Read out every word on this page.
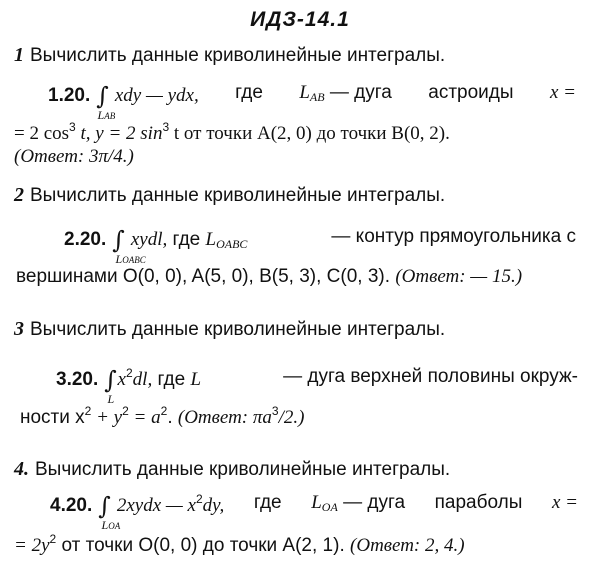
ИДЗ-14.1
1 Вычислить данные криволинейные интегралы.
1.20. ∫
LAB
xdy — ydx, где LAB — дуга астроиды x =
= 2 $\cos^3 t$, y = 2 $\sin^3 t$ от точки A(2, 0) до точки B(0, 2).
(Ответ: 3π/4.)
2 Вычислить данные криволинейные интегралы.
2.20. ∫
LOABC
xydl, где LOABC	— контур прямоугольника с
вершинами O(0, 0), A(5, 0), B(5, 3), C(0, 3). (Ответ: — 15.)
3 Вычислить данные криволинейные интегралы.
3.20. ∫
L
$x^2dl$, где L	— дуга верхней половины окруж-
ности $x^2 + y^2 = a^2$. (Ответ: $\pi a^3/2$.)
4. Вычислить данные криволинейные интегралы.
4.20. ∫
LOA
2xydx — $x^2dy$, где LOA — дуга параболы x =
= $2y^2$ от точки O(0, 0) до точки A(2, 1). (Ответ: 2, 4.)
